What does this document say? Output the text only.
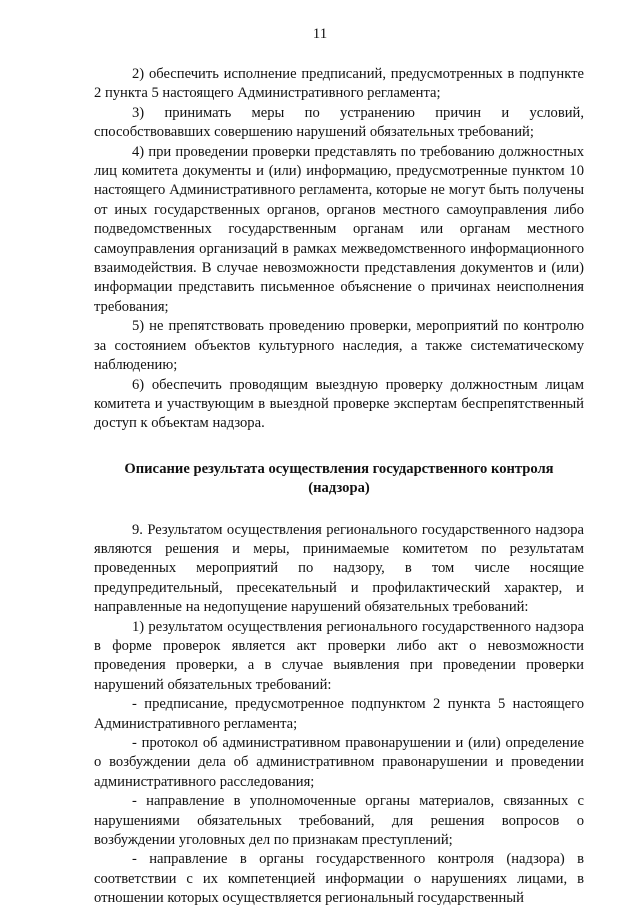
11

2) обеспечить исполнение предписаний, предусмотренных в подпункте 2 пункта 5 настоящего Административного регламента;

3) принимать меры по устранению причин и условий, способствовавших совершению нарушений обязательных требований;

4) при проведении проверки представлять по требованию должностных лиц комитета документы и (или) информацию, предусмотренные пунктом 10 настоящего Административного регламента, которые не могут быть получены от иных государственных органов, органов местного самоуправления либо подведомственных государственным органам или органам местного самоуправления организаций в рамках межведомственного информационного взаимодействия. В случае невозможности представления документов и (или) информации представить письменное объяснение о причинах неисполнения требования;

5) не препятствовать проведению проверки, мероприятий по контролю за состоянием объектов культурного наследия, а также систематическому наблюдению;

6) обеспечить проводящим выездную проверку должностным лицам комитета и участвующим в выездной проверке экспертам беспрепятственный доступ к объектам надзора.

Описание результата осуществления государственного контроля (надзора)

9. Результатом осуществления регионального государственного надзора являются решения и меры, принимаемые комитетом по результатам проведенных мероприятий по надзору, в том числе носящие предупредительный, пресекательный и профилактический характер, и направленные на недопущение нарушений обязательных требований:

1) результатом осуществления регионального государственного надзора в форме проверок является акт проверки либо акт о невозможности проведения проверки, а в случае выявления при проведении проверки нарушений обязательных требований:

- предписание, предусмотренное подпунктом 2 пункта 5 настоящего Административного регламента;

- протокол об административном правонарушении и (или) определение о возбуждении дела об административном правонарушении и проведении административного расследования;

- направление в уполномоченные органы материалов, связанных с нарушениями обязательных требований, для решения вопросов о возбуждении уголовных дел по признакам преступлений;

- направление в органы государственного контроля (надзора) в соответствии с их компетенцией информации о нарушениях лицами, в отношении которых осуществляется региональный государственный
